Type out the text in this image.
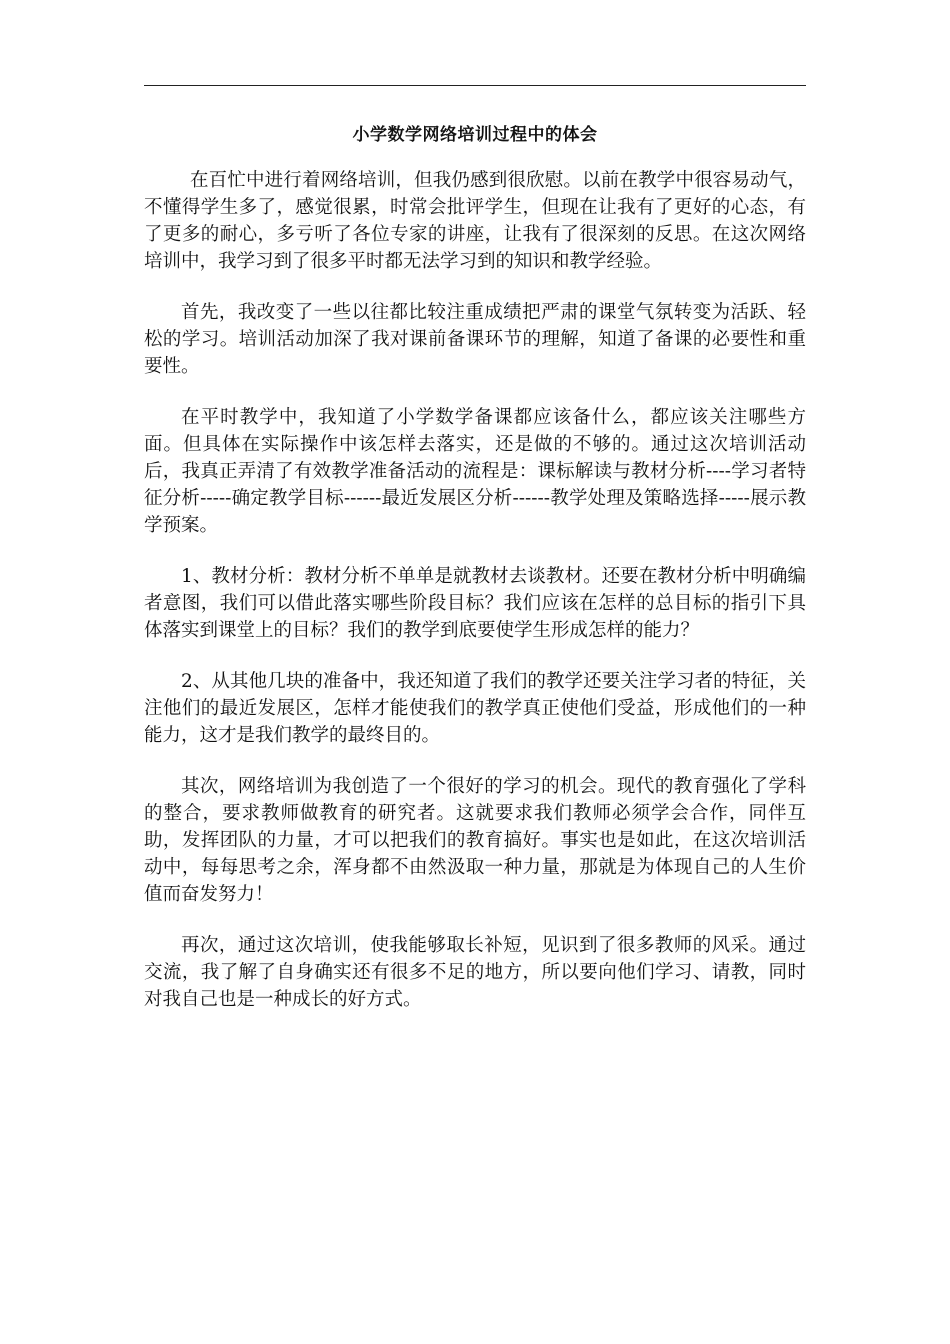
小学数学网络培训过程中的体会

在百忙中进行着网络培训，但我仍感到很欣慰。以前在教学中很容易动气，不懂得学生多了，感觉很累，时常会批评学生，但现在让我有了更好的心态，有了更多的耐心，多亏听了各位专家的讲座，让我有了很深刻的反思。在这次网络培训中，我学习到了很多平时都无法学习到的知识和教学经验。

首先，我改变了一些以往都比较注重成绩把严肃的课堂气氛转变为活跃、轻松的学习。培训活动加深了我对课前备课环节的理解，知道了备课的必要性和重要性。

在平时教学中，我知道了小学数学备课都应该备什么，都应该关注哪些方面。但具体在实际操作中该怎样去落实，还是做的不够的。通过这次培训活动后，我真正弄清了有效教学准备活动的流程是：课标解读与教材分析----学习者特征分析-----确定教学目标------最近发展区分析------教学处理及策略选择-----展示教学预案。

1、教材分析：教材分析不单单是就教材去谈教材。还要在教材分析中明确编者意图，我们可以借此落实哪些阶段目标？我们应该在怎样的总目标的指引下具体落实到课堂上的目标？我们的教学到底要使学生形成怎样的能力？

2、从其他几块的准备中，我还知道了我们的教学还要关注学习者的特征，关注他们的最近发展区，怎样才能使我们的教学真正使他们受益，形成他们的一种能力，这才是我们教学的最终目的。

其次，网络培训为我创造了一个很好的学习的机会。现代的教育强化了学科的整合，要求教师做教育的研究者。这就要求我们教师必须学会合作，同伴互助，发挥团队的力量，才可以把我们的教育搞好。事实也是如此，在这次培训活动中，每每思考之余，浑身都不由然汲取一种力量，那就是为体现自己的人生价值而奋发努力！

再次，通过这次培训，使我能够取长补短，见识到了很多教师的风采。通过交流，我了解了自身确实还有很多不足的地方，所以要向他们学习、请教，同时对我自己也是一种成长的好方式。
